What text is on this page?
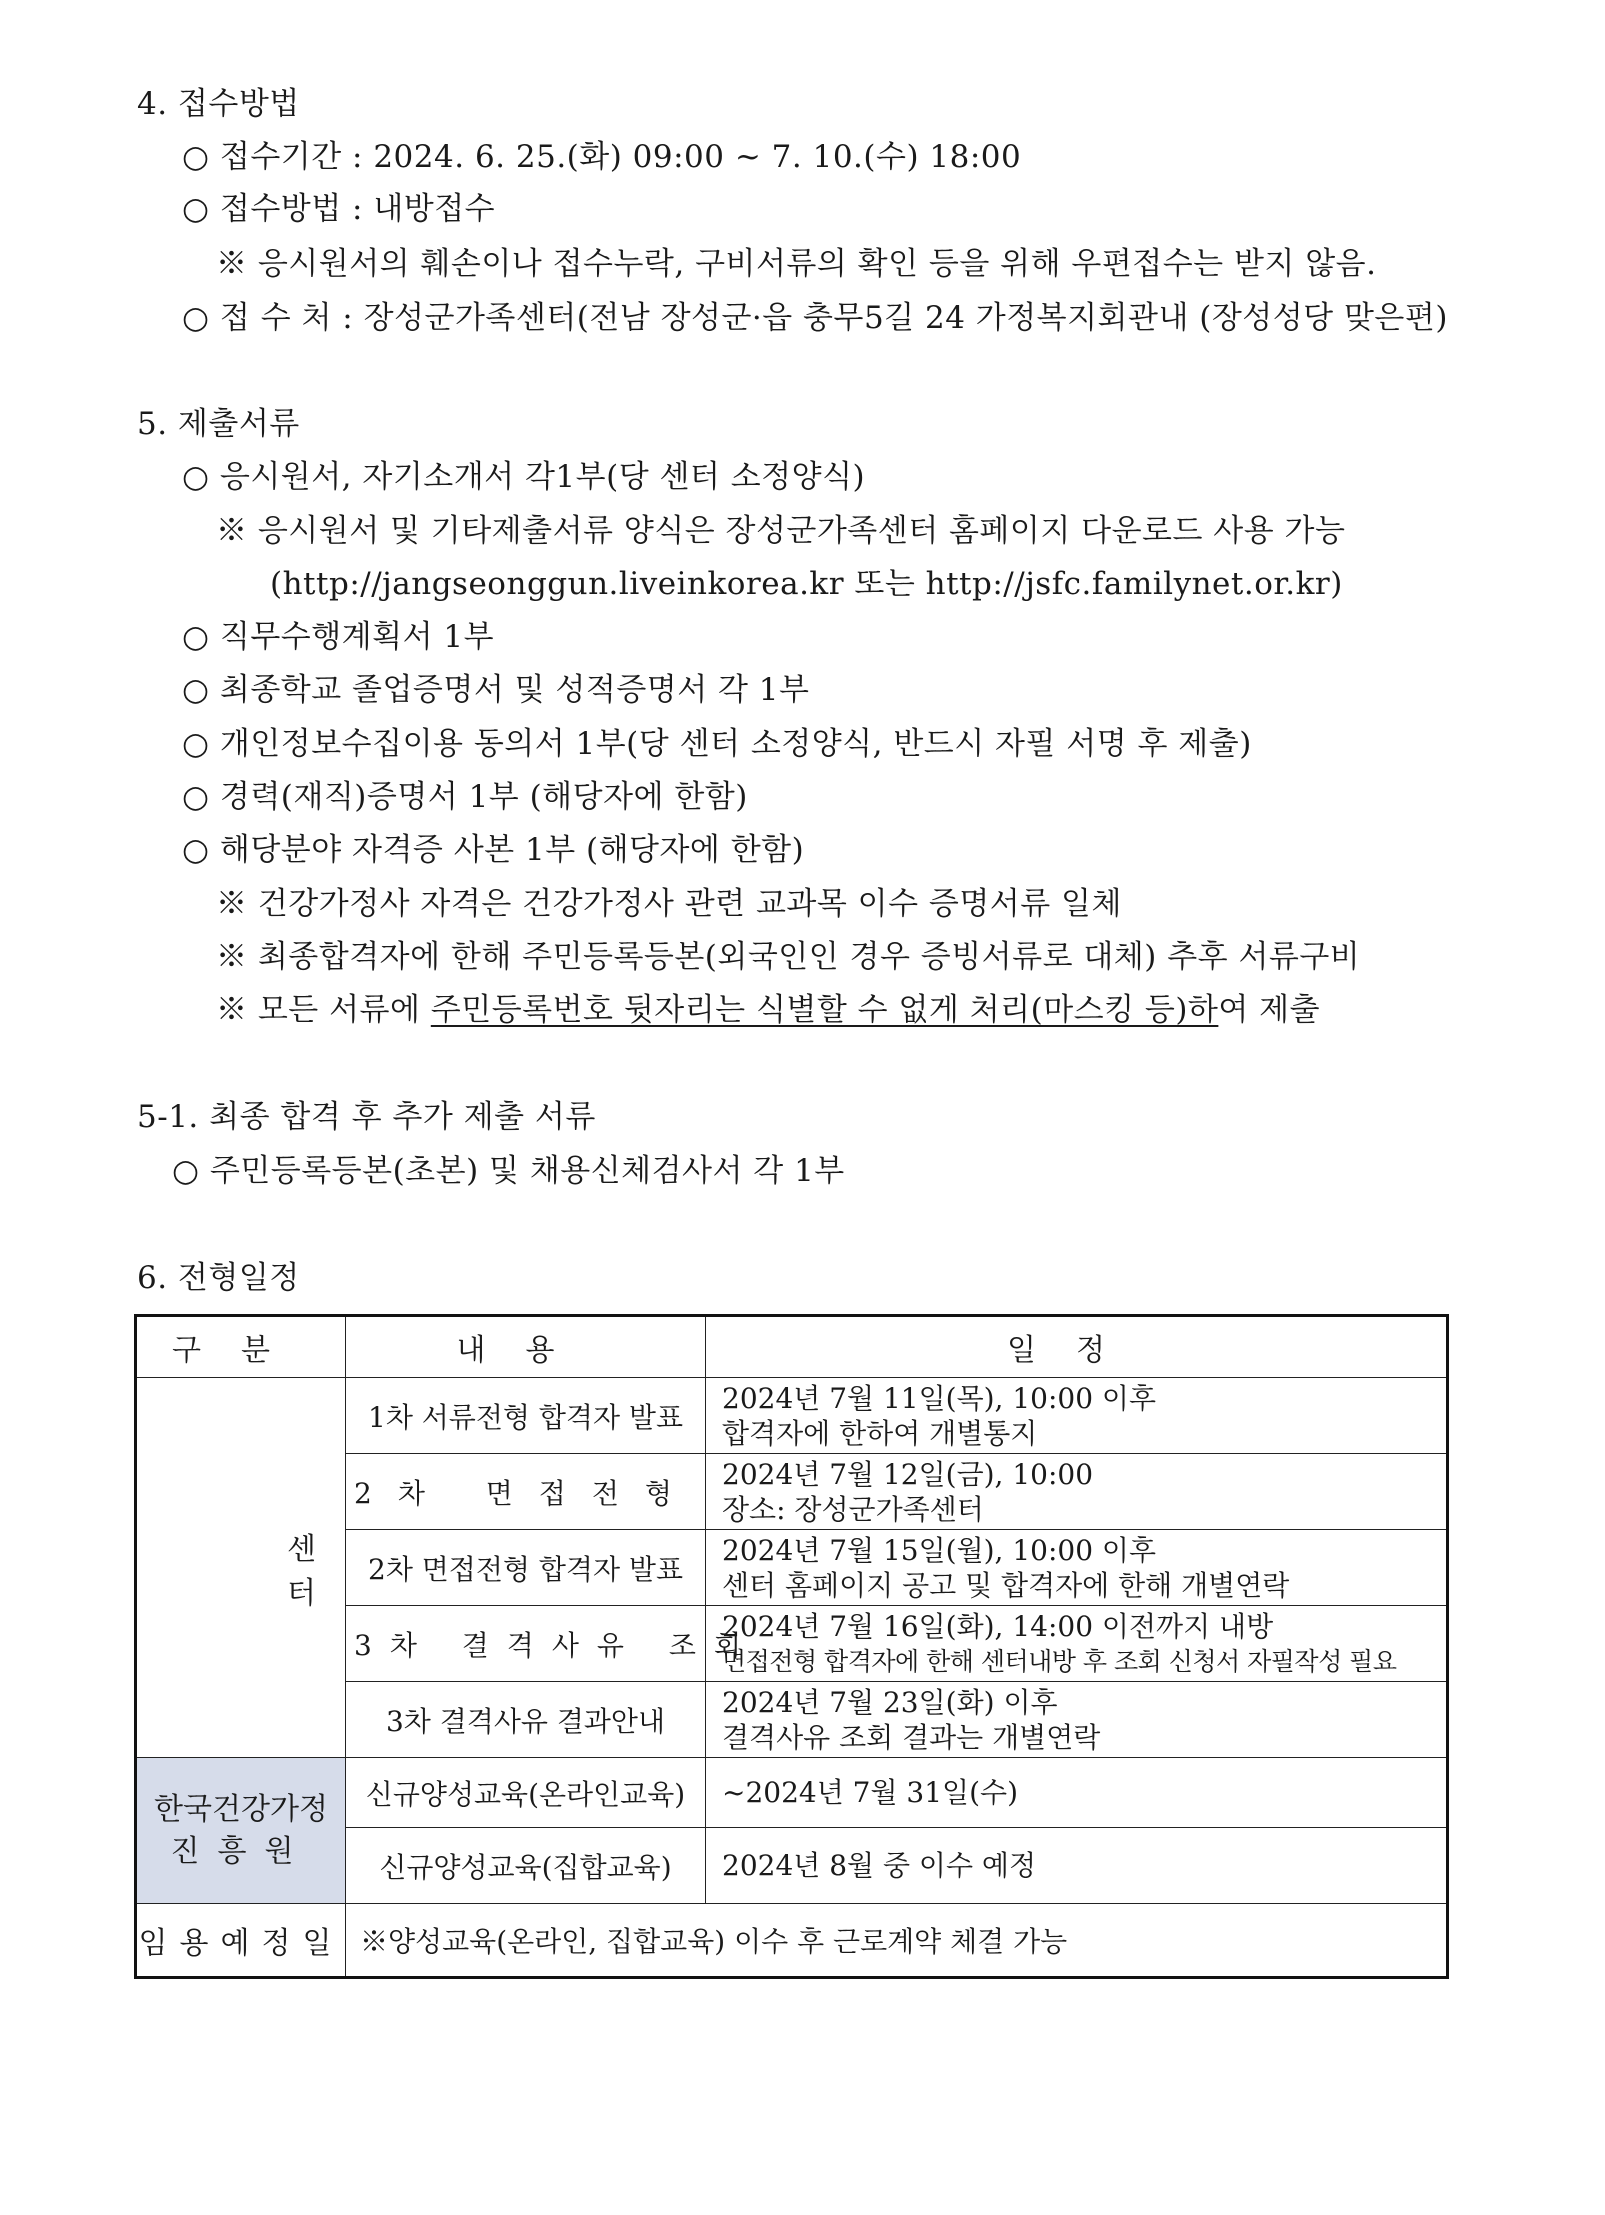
4. 접수방법
○ 접수기간 : 2024. 6. 25.(화) 09:00 ~ 7. 10.(수) 18:00
○ 접수방법 : 내방접수
※ 응시원서의 훼손이나 접수누락, 구비서류의 확인 등을 위해 우편접수는 받지 않음.
○ 접 수 처 : 장성군가족센터(전남 장성군·읍 충무5길 24 가정복지회관내 (장성성당 맞은편)
5. 제출서류
○ 응시원서, 자기소개서 각1부(당 센터 소정양식)
※ 응시원서 및 기타제출서류 양식은 장성군가족센터 홈페이지 다운로드 사용 가능
(http://jangseonggun.liveinkorea.kr 또는 http://jsfc.familynet.or.kr)
○ 직무수행계획서 1부
○ 최종학교 졸업증명서 및 성적증명서 각 1부
○ 개인정보수집이용 동의서 1부(당 센터 소정양식, 반드시 자필 서명 후 제출)
○ 경력(재직)증명서 1부 (해당자에 한함)
○ 해당분야 자격증 사본 1부 (해당자에 한함)
※ 건강가정사 자격은 건강가정사 관련 교과목 이수 증명서류 일체
※ 최종합격자에 한해 주민등록등본(외국인인 경우 증빙서류로 대체) 추후 서류구비
※ 모든 서류에 주민등록번호 뒷자리는 식별할 수 없게 처리(마스킹 등)하여 제출
5-1. 최종 합격 후 추가 제출 서류
○ 주민등록등본(초본) 및 채용신체검사서 각 1부
6. 전형일정
구분	내용	일정
센터	1차 서류전형 합격자 발표	2024년 7월 11일(목), 10:00 이후
합격자에 한하여 개별통지

	2차 면접전형	2024년 7월 12일(금), 10:00
장소: 장성군가족센터

	2차 면접전형 합격자 발표	2024년 7월 15일(월), 10:00 이후
센터 홈페이지 공고 및 합격자에 한해 개별연락

	3차 결격사유 조회	2024년 7월 16일(화), 14:00 이전까지 내방
면접전형 합격자에 한해 센터내방 후 조회 신청서 자필작성 필요

	3차 결격사유 결과안내	2024년 7월 23일(화) 이후
결격사유 조회 결과는 개별연락

한국건강가정
진흥원	신규양성교육(온라인교육)	~2024년 7월 31일(수)
	신규양성교육(집합교육)	2024년 8월 중 이수 예정
임용예정일	※양성교육(온라인, 집합교육) 이수 후 근로계약 체결 가능	
